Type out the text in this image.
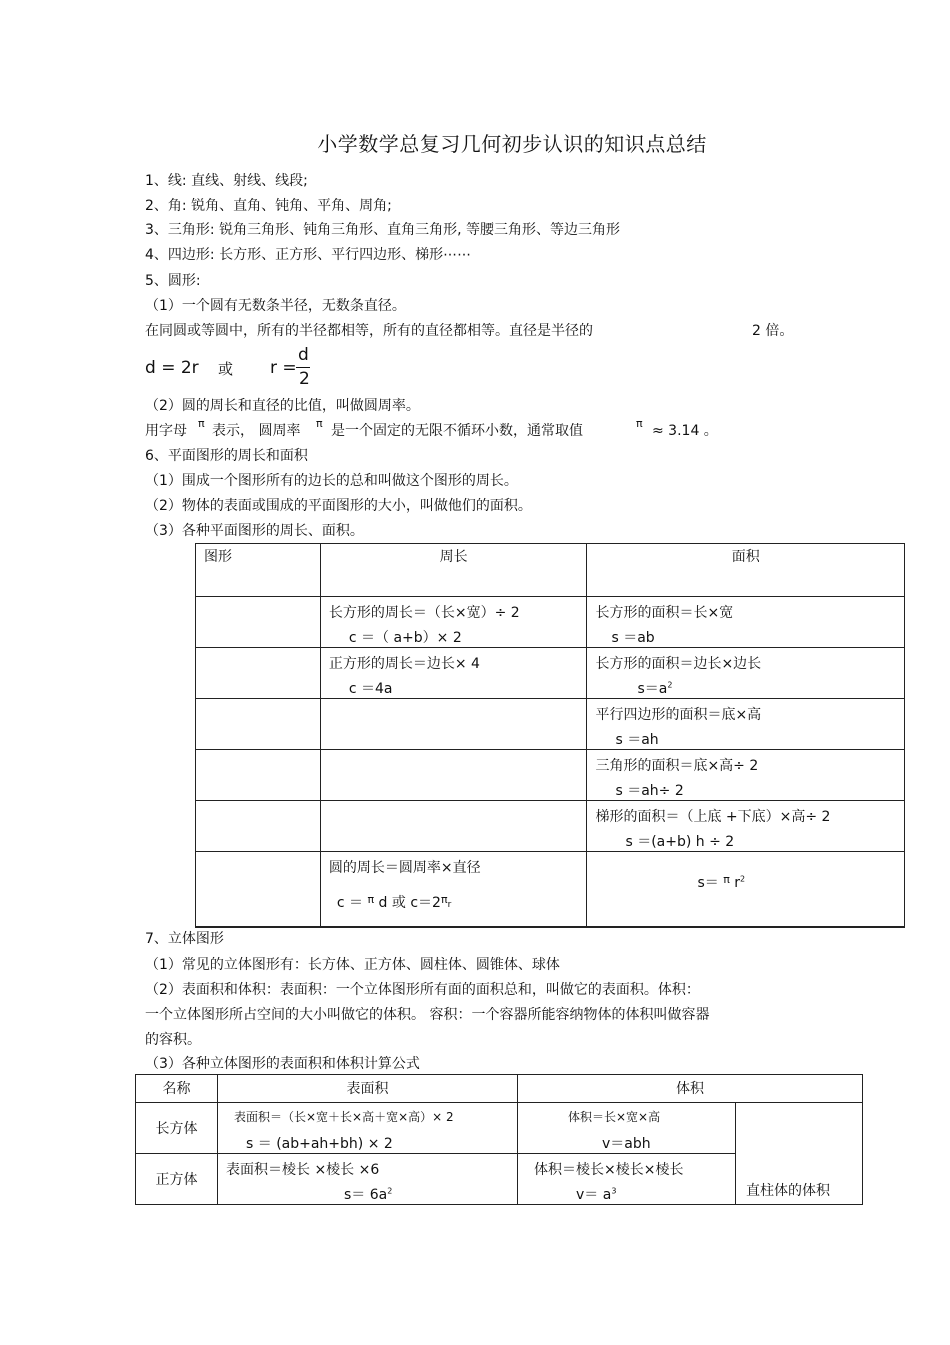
小学数学总复习几何初步认识的知识点总结
1、线: 直线、射线、线段;
2、角: 锐角、直角、钝角、平角、周角;
3、三角形: 锐角三角形、钝角三角形、直角三角形, 等腰三角形、等边三角形
4、四边形: 长方形、正方形、平行四边形、梯形⋯⋯
5、圆形:
（1）一个圆有无数条半径，无数条直径。
在同圆或等圆中，所有的半径都相等，所有的直径都相等。直径是半径的	2 倍。
d = 2r 或 r =
d
2
（2）圆的周长和直径的比值，叫做圆周率。
用字母 π 表示， 圆周率 π 是一个固定的无限不循环小数，通常取值	π ≈ 3.14 。
6、平面图形的周长和面积
（1）围成一个图形所有的边长的总和叫做这个图形的周长。
（2）物体的表面或围成的平面图形的大小，叫做他们的面积。
（3）各种平面图形的周长、面积。
图形	周长	面积

	长方形的周长＝（长×宽）÷ 2
c ＝（ a+b）× 2	长方形的面积＝长×宽
s ＝ab

	正方形的周长＝边长× 4
c ＝4a	长方形的面积＝边长×边长
$s=a^2$

		平行四边形的面积＝底×高
s ＝ah

		三角形的面积＝底×高÷ 2
s ＝ah÷ 2

		梯形的面积＝（上底 +下底）×高÷ 2
s ＝(a+b) h ÷ 2

	圆的周长＝圆周率×直径
c ＝ $^\pi$ d 或 $c=2^\pi r$	s＝ $^\pi$ $r^2$
7、立体图形
（1）常见的立体图形有：长方体、正方体、圆柱体、圆锥体、球体
（2）表面积和体积：表面积：一个立体图形所有面的面积总和，叫做它的表面积。体积：
一个立体图形所占空间的大小叫做它的体积。 容积：一个容器所能容纳物体的体积叫做容器
的容积。
（3）各种立体图形的表面积和体积计算公式
名称	表面积	体积	
长方体	表面积＝（长×宽＋长×高＋宽×高）× 2
s ＝ (ab+ah+bh) × 2	体积＝长×宽×高
v＝abh	直柱体的体积

正方体	表面积＝棱长 ×棱长 ×6
$s= 6a^2$	体积＝棱长×棱长×棱长
$v= a^3$
